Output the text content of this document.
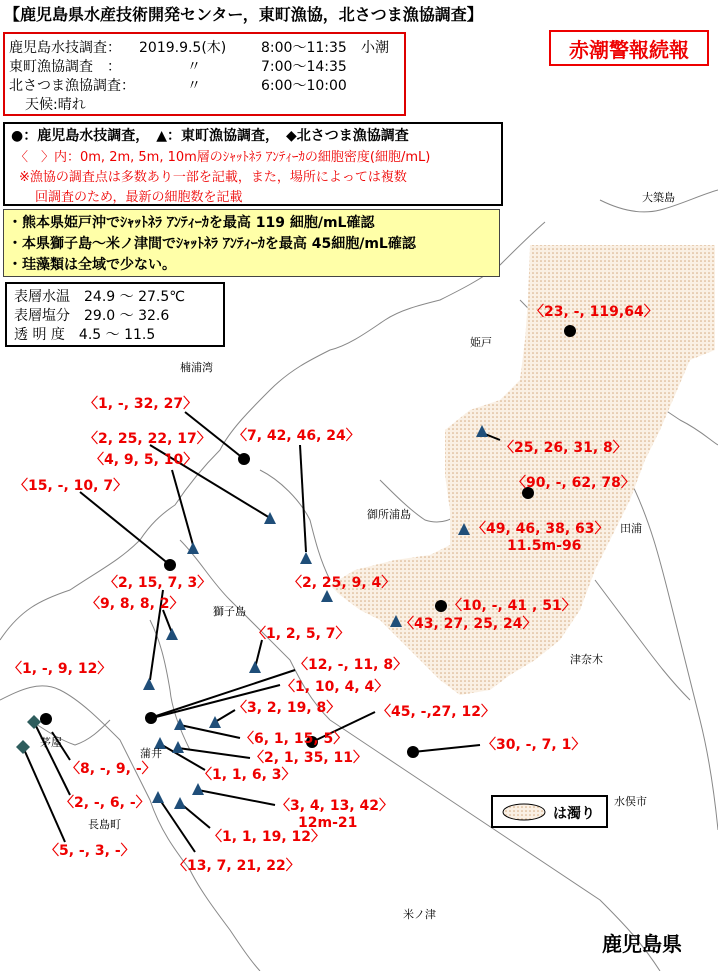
大築島
姫戸
楠浦湾
御所浦島
田浦
獅子島
津奈木
茅屋
蒲井
水俣市
長島町
米ノ津
〈23, -, 119,64〉
〈1, -, 32, 27〉
〈7, 42, 46, 24〉
〈2, 25, 22, 17〉
〈25, 26, 31, 8〉
〈4, 9, 5, 10〉
〈90, -, 62, 78〉
〈15, -, 10, 7〉
〈49, 46, 38, 63〉
11.5m-96
〈2, 15, 7, 3〉	〈2, 25, 9, 4〉
〈9, 8, 8, 2〉	〈10, -, 41 , 51〉
〈43, 27, 25, 24〉
〈1, 2, 5, 7〉
〈1, -, 9, 12〉	〈12, -, 11, 8〉
〈1, 10, 4, 4〉
〈45, -,27, 12〉
〈3, 2, 19, 8〉
〈6, 1, 15, 5〉
〈2, 1, 35, 11〉
〈30, -, 7, 1〉
〈8, -, 9, -〉	〈1, 1, 6, 3〉
〈2, -, 6, -〉	〈3, 4, 13, 42〉
12m-21
〈1, 1, 19, 12〉
〈5, -, 3, -〉
〈13, 7, 21, 22〉
【鹿児島県水産技術開発センター，東町漁協，北さつま漁協調査】
赤潮警報続報
鹿児島水技調査： 2019.9.5(木) 8:00～11:35 小潮
東町漁協調査　：	〃	7:00～14:35
北さつま漁協調査：	〃	6:00～10:00
天候:晴れ
●：鹿児島水技調査，　▲：東町漁協調査，　◆北さつま漁協調査
〈　〉内：0m, 2m, 5m, 10m層のｼｬｯﾄﾈﾗ ｱﾝﾃｨｰｶの細胞密度(細胞/mL)
※漁協の調査点は多数あり一部を記載，また，場所によっては複数
回調査のため，最新の細胞数を記載
・熊本県姫戸沖でｼｬｯﾄﾈﾗ ｱﾝﾃｨｰｶを最高 119 細胞/mL確認
・本県獅子島～米ノ津間でｼｬｯﾄﾈﾗ ｱﾝﾃｨｰｶを最高 45細胞/mL確認
・珪藻類は全域で少ない。
表層水温　 24.9 ～ 27.5℃
表層塩分　 29.0 ～ 32.6
透 明 度　 4.5 ～ 11.5
は濁り
鹿児島県
